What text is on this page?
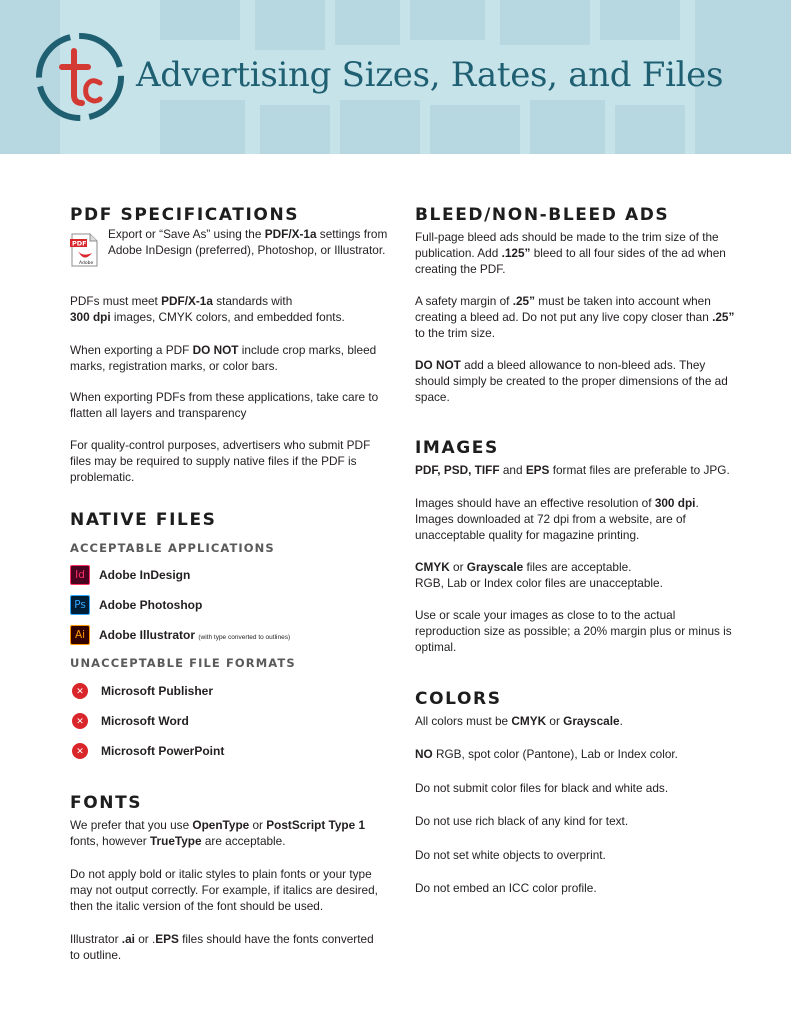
Advertising Sizes, Rates, and Files
PDF SPECIFICATIONS
PDF
Adobe

Export or “Save As” using the PDF/X-1a settings from Adobe InDesign (preferred), Photoshop, or Illustrator.

PDFs must meet PDF/X-1a standards with
300 dpi images, CMYK colors, and embedded fonts.

When exporting a PDF DO NOT include crop marks, bleed marks, registration marks, or color bars.

When exporting PDFs from these applications, take care to flatten all layers and transparency

For quality-control purposes, advertisers who submit PDF files may be required to supply native files if the PDF is problematic.

NATIVE FILES
ACCEPTABLE APPLICATIONS
Id	Adobe InDesign
Ps	Adobe Photoshop
Ai	Adobe Illustrator (with type converted to outlines)
UNACCEPTABLE FILE FORMATS
✕	Microsoft Publisher
✕	Microsoft Word
✕	Microsoft PowerPoint
FONTS

We prefer that you use OpenType or PostScript Type 1 fonts, however TrueType are acceptable.

Do not apply bold or italic styles to plain fonts or your type may not output correctly. For example, if italics are desired, then the italic version of the font should be used.

Illustrator .ai or .EPS files should have the fonts converted to outline.

BLEED/NON-BLEED ADS

Full-page bleed ads should be made to the trim size of the publication. Add .125” bleed to all four sides of the ad when creating the PDF.

A safety margin of .25” must be taken into account when creating a bleed ad. Do not put any live copy closer than .25” to the trim size.

DO NOT add a bleed allowance to non-bleed ads. They should simply be created to the proper dimensions of the ad space.

IMAGES

PDF, PSD, TIFF and EPS format files are preferable to JPG.

Images should have an effective resolution of 300 dpi. Images downloaded at 72 dpi from a website, are of unacceptable quality for magazine printing.

CMYK or Grayscale files are acceptable.
RGB, Lab or Index color files are unacceptable.

Use or scale your images as close to to the actual reproduction size as possible; a 20% margin plus or minus is optimal.

COLORS

All colors must be CMYK or Grayscale.

NO RGB, spot color (Pantone), Lab or Index color.

Do not submit color files for black and white ads.

Do not use rich black of any kind for text.

Do not set white objects to overprint.

Do not embed an ICC color profile.
